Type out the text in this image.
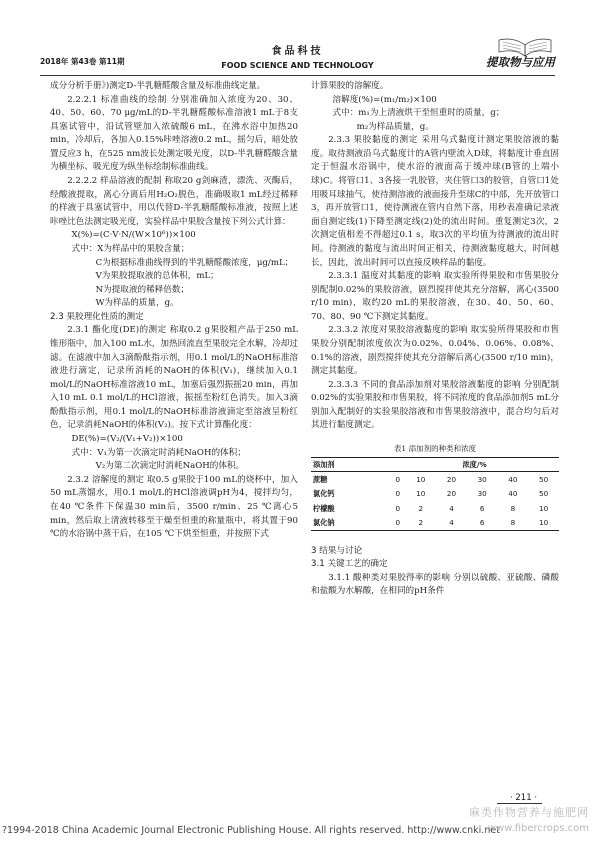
2018年 第43卷 第11期
食品科技
FOOD SCIENCE AND TECHNOLOGY	提取物与应用

成分分析手册》)测定D-半乳糖醛酸含量及标准曲线定量。

2.2.2.1 标准曲线的绘制 分别准确加入浓度为20、30、40、50、60、70 μg/mL的D-半乳糖醛酸标准溶液1 mL于8支具塞试管中，沿试管壁加入浓硫酸6 mL，在沸水浴中加热20 min，冷却后，各加入0.15%咔唑溶液0.2 mL，摇匀后，暗处放置反应3 h，在525 nm波长处测定吸光度，以D-半乳糖醛酸含量为横坐标、吸光度为纵坐标绘制标准曲线。

2.2.2.2 样品溶液的配制 称取20 g剑麻渣，漂洗、灭酶后，经酸液提取，离心分离后用H₂O₂脱色，准确吸取1 mL经过稀释的样液于具塞试管中，用以代替D-半乳糖醛酸标准液，按照上述咔唑比色法测定吸光度，实验样品中果胶含量按下列公式计算：

X(%)=(C·V·N/(W×10⁶))×100

式中：X为样品中的果胶含量；

C为根据标准曲线得到的半乳糖醛酸浓度，μg/mL；

V为果胶提取液的总体积，mL；

N为提取液的稀释倍数；

W为样品的质量，g。

2.3 果胶理化性质的测定

2.3.1 酯化度(DE)的测定 称取0.2 g果胶粗产品于250 mL锥形瓶中，加入100 mL水，加热回流直至果胶完全水解，冷却过滤。在滤液中加入3滴酚酞指示剂，用0.1 mol/L的NaOH标准溶液进行滴定，记录所消耗的NaOH的体积(V₁)，继续加入0.1 mol/L的NaOH标准溶液10 mL，加塞后强烈振摇20 min，再加入10 mL 0.1 mol/L的HCl溶液，振摇至粉红色消失。加入3滴酚酞指示剂，用0.1 mol/L的NaOH标准溶液滴定至溶液呈粉红色，记录消耗NaOH的体积(V₂)。按下式计算酯化度：

DE(%)=(V₂/(V₁+V₂))×100

式中：V₁为第一次滴定时消耗NaOH的体积；

V₂为第二次滴定时消耗NaOH的体积。

2.3.2 溶解度的测定 取0.5 g果胶于100 mL的烧杯中，加入50 mL蒸馏水，用0.1 mol/L的HCl溶液调pH为4，搅拌均匀，在40 ℃条件下保温30 min后，3500 r/min、25 ℃离心5 min，然后取上清液转移至干燥至恒重的称量瓶中，将其置于90 ℃的水浴锅中蒸干后，在105 ℃下烘至恒重，并按照下式

计算果胶的溶解度。

溶解度(%)=(m₁/m₂)×100

式中：m₁为上清液烘干至恒重时的质量，g；

m₂为样品质量，g。

2.3.3 果胶黏度的测定 采用乌式黏度计测定果胶溶液的黏度。取待测液沿乌式黏度计的A管内壁流入D球，将黏度计垂直固定于恒温水浴锅中，使水浴的液面高于缓冲球(B管的上端小球)C。将管口1、3各接一乳胶管，夹住管口3的胶管，自管口1处用吸耳球抽气，使待测溶液的液面接升至球C的中部，先开放管口3，再开放管口1，使待测液在管内自然下落，用秒表准确记录液面自测定线(1)下降至测定线(2)处的流出时间。重复测定3次，2次测定值相差不得超过0.1 s，取3次的平均值为待测液的流出时间。待测液的黏度与流出时间正相关，待测液黏度越大，时间越长，因此，流出时间可以直接反映样品的黏度。

2.3.3.1 温度对其黏度的影响 取实验所得果胶和市售果胶分别配制0.02%的果胶溶液，剧烈搅拌使其充分溶解，离心(3500 r/10 min)，取约20 mL的果胶溶液，在30、40、50、60、70、80、90 ℃下测定其黏度。

2.3.3.2 浓度对果胶溶液黏度的影响 取实验所得果胶和市售果胶分别配制浓度依次为0.02%、0.04%、0.06%、0.08%、0.1%的溶液，剧烈搅拌使其充分溶解后离心(3500 r/10 min)，测定其黏度。

2.3.3.3 不同的食品添加剂对果胶溶液黏度的影响 分别配制0.02%的实验果胶和市售果胶，将不同浓度的食品添加剂5 mL分别加入配制好的实验果胶溶液和市售果胶溶液中，混合均匀后对其进行黏度测定。

表1 添加剂的种类和浓度
添加剂	浓度/%					
蔗糖	0	10	20	30	40	50
氯化钙	0	10	20	30	40	50
柠檬酸	0	2	4	6	8	10
氯化钠	0	2	4	6	8	10

3 结果与讨论

3.1 关键工艺的确定

3.1.1 酸种类对果胶得率的影响 分别以硫酸、亚硫酸、磷酸和盐酸为水解酸，在相同的pH条件

· 211 ·
?1994-2018 China Academic Journal Electronic Publishing House. All rights reserved. http://www.cnki.net
麻类作物营养与施肥网
www.fibercrops.com
